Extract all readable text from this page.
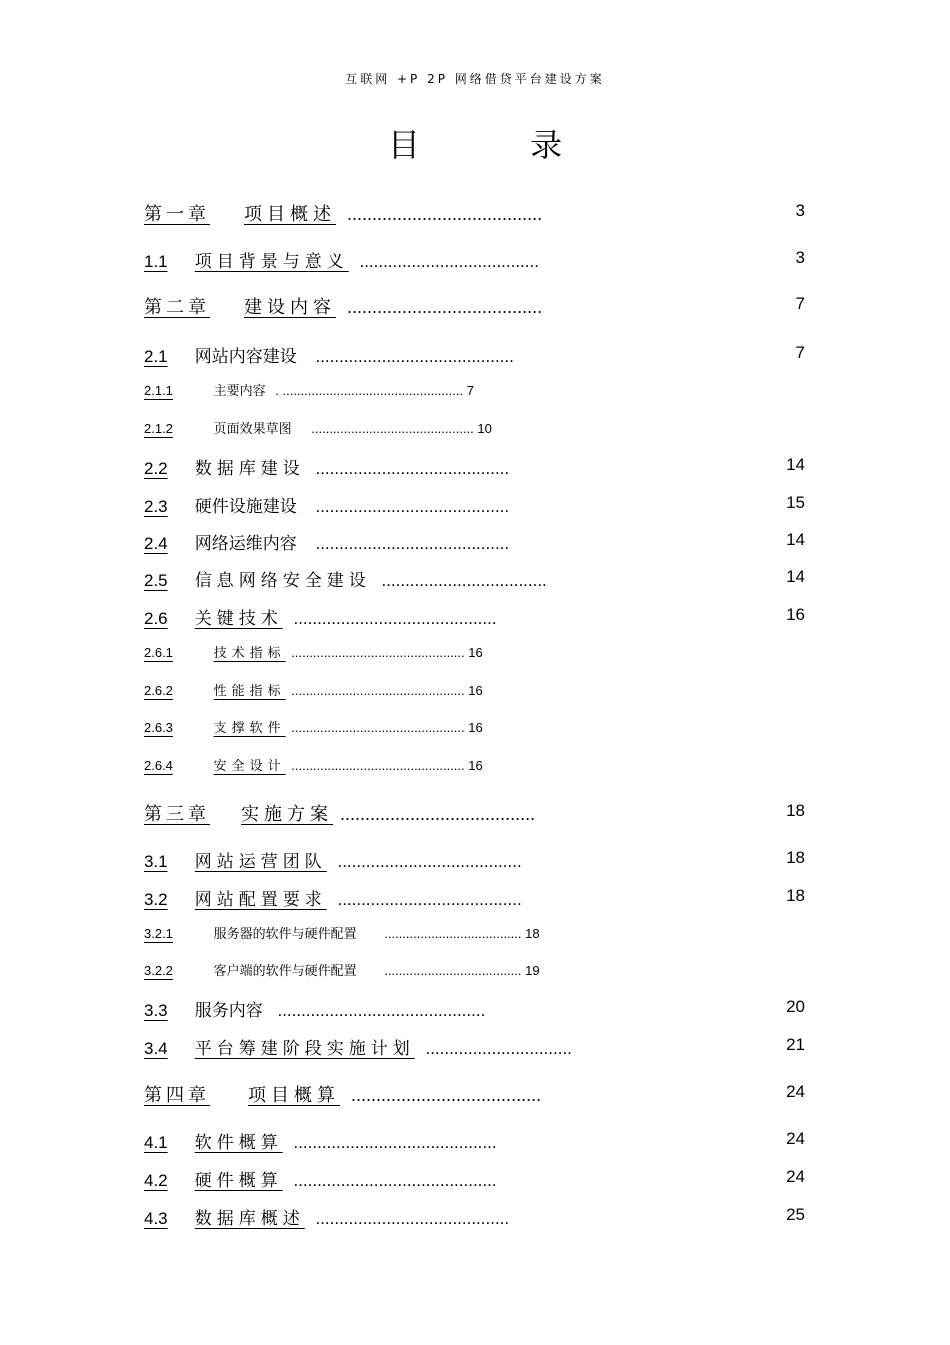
互联网 +P 2P 网络借贷平台建设方案
目 录
第一章 项目概述 .......................................	3
1.1 项目背景与意义 ......................................	3
第二章 建设内容 .......................................	7
2.1 网站内容建设 ..........................................	7
2.1.1	主要内容 . .................................................. 7
2.1.2	页面效果草图 ............................................. 10
2.2 数据库建设 .........................................	14
2.3 硬件设施建设 .........................................	15
2.4 网络运维内容 .........................................	14
2.5 信息网络安全建设 ...................................	14
2.6 关键技术 ...........................................	16
2.6.1	技术指标 ................................................ 16
2.6.2	性能指标 ................................................ 16
2.6.3	支撑软件 ................................................ 16
2.6.4	安全设计 ................................................ 16
第三章 实施方案 .......................................	18
3.1 网站运营团队 .......................................	18
3.2 网站配置要求 .......................................	18
3.2.1	服务器的软件与硬件配置 ...................................... 18
3.2.2	客户端的软件与硬件配置 ...................................... 19
3.3 服务内容 ............................................	20
3.4 平台筹建阶段实施计划 ...............................	21
第四章 项目概算 ......................................	24
4.1 软件概算 ...........................................	24
4.2 硬件概算 ...........................................	24
4.3 数据库概述 .........................................	25
